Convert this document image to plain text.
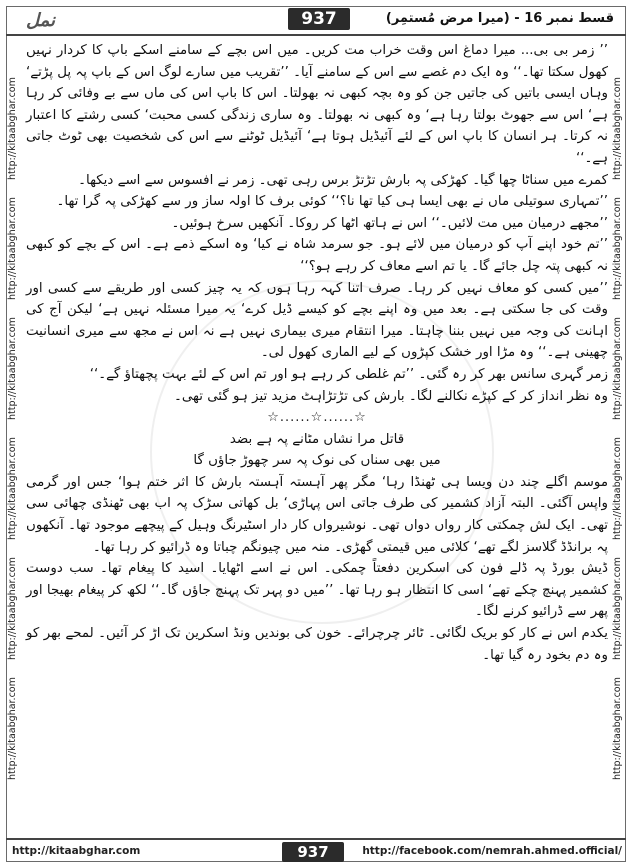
نمل	937	قسط نمبر 16 - (میرا مرض مُستمِر)
http://kitaabghar.com
http://kitaabghar.com
http://kitaabghar.com
http://kitaabghar.com
http://kitaabghar.com
http://kitaabghar.com
http://kitaabghar.com
http://kitaabghar.com
http://kitaabghar.com
http://kitaabghar.com
http://kitaabghar.com
http://kitaabghar.com

’’ زمر بی بی... میرا دماغ اس وقت خراب مت کریں۔ میں اس بچے کے سامنے اسکے باپ کا کردار نہیں کھول سکتا تھا۔‘‘ وہ ایک دم غصے سے اس کے سامنے آیا۔ ’’تقریب میں سارے لوگ اس کے باپ پہ پل پڑتے‘ وہاں ایسی باتیں کی جاتیں جن کو وہ بچہ کبھی نہ بھولتا۔ اس کا باپ اس کی ماں سے بے وفائی کر رہا ہے‘ اس سے جھوٹ بولتا رہا ہے‘ وہ کبھی نہ بھولتا۔ وہ ساری زندگی کسی محبت‘ کسی رشتے کا اعتبار نہ کرتا۔ ہر انسان کا باپ اس کے لئے آئیڈیل ہوتا ہے‘ آئیڈیل ٹوٹنے سے اس کی شخصیت بھی ٹوٹ جاتی ہے۔‘‘

کمرے میں سناٹا چھا گیا۔ کھڑکی پہ بارش تڑتڑ برس رہی تھی۔ زمر نے افسوس سے اسے دیکھا۔

’’تمہاری سوتیلی ماں نے بھی ایسا ہی کیا تھا نا؟‘‘ کوئی برف کا اولہ ساز ور سے کھڑکی پہ گرا تھا۔

’’مجھے درمیان میں مت لائیں۔‘‘ اس نے ہاتھ اٹھا کر روکا۔ آنکھیں سرخ ہوئیں۔

’’تم خود اپنے آپ کو درمیان میں لائے ہو۔ جو سرمد شاہ نے کیا‘ وہ اسکے ذمے ہے۔ اس کے بچے کو کبھی نہ کبھی پتہ چل جائے گا۔ یا تم اسے معاف کر رہے ہو؟‘‘

’’میں کسی کو معاف نہیں کر رہا۔ صرف اتنا کہہ رہا ہوں کہ یہ چیز کسی اور طریقے سے کسی اور وقت کی جا سکتی ہے۔ بعد میں وہ اپنے بچے کو کیسے ڈیل کرے‘ یہ میرا مسئلہ نہیں ہے‘ لیکن آج کی اہانت کی وجہ میں نہیں بننا چاہتا۔ میرا انتقام میری بیماری نہیں ہے نہ اس نے مجھ سے میری انسانیت چھینی ہے۔‘‘ وہ مڑا اور خشک کپڑوں کے لیے الماری کھول لی۔

زمر گہری سانس بھر کر رہ گئی۔ ’’تم غلطی کر رہے ہو اور تم اس کے لئے بہت پچھتاؤ گے۔‘‘

وہ نظر انداز کر کے کپڑے نکالنے لگا۔ بارش کی تڑتڑاہٹ مزید تیز ہو گئی تھی۔

☆......☆......☆

قاتل مرا نشاں مٹانے پہ ہے بضد

میں بھی سناں کی نوک پہ سر چھوڑ جاؤں گا

موسم اگلے چند دن ویسا ہی ٹھنڈا رہا‘ مگر پھر آہستہ آہستہ بارش کا اثر ختم ہوا‘ جس اور گرمی واپس آگئی۔ البتہ آزاد کشمیر کی طرف جاتی اس پہاڑی‘ بل کھاتی سڑک پہ اب بھی ٹھنڈی چھائی سی تھی۔ ایک لش چمکتی کار رواں دواں تھی۔ نوشیرواں کار دار اسٹیرنگ وہیل کے پیچھے موجود تھا۔ آنکھوں پہ برانڈڈ گلاسز لگے تھے‘ کلائی میں قیمتی گھڑی۔ منہ میں چیونگم چباتا وہ ڈرائیو کر رہا تھا۔

ڈیش بورڈ پہ ڈلے فون کی اسکرین دفعتاً چمکی۔ اس نے اسے اٹھایا۔ اسید کا پیغام تھا۔ سب دوست کشمیر پہنچ چکے تھے‘ اسی کا انتظار ہو رہا تھا۔ ’’میں دو پہر تک پہنچ جاؤں گا۔‘‘ لکھ کر پیغام بھیجا اور پھر سے ڈرائیو کرنے لگا۔

یکدم اس نے کار کو بریک لگائی۔ ٹائر چرچرائے۔ خون کی بوندیں ونڈ اسکرین تک اڑ کر آئیں۔ لمحے بھر کو وہ دم بخود رہ گیا تھا۔

http://kitaabghar.com	937	http://facebook.com/nemrah.ahmed.official/
